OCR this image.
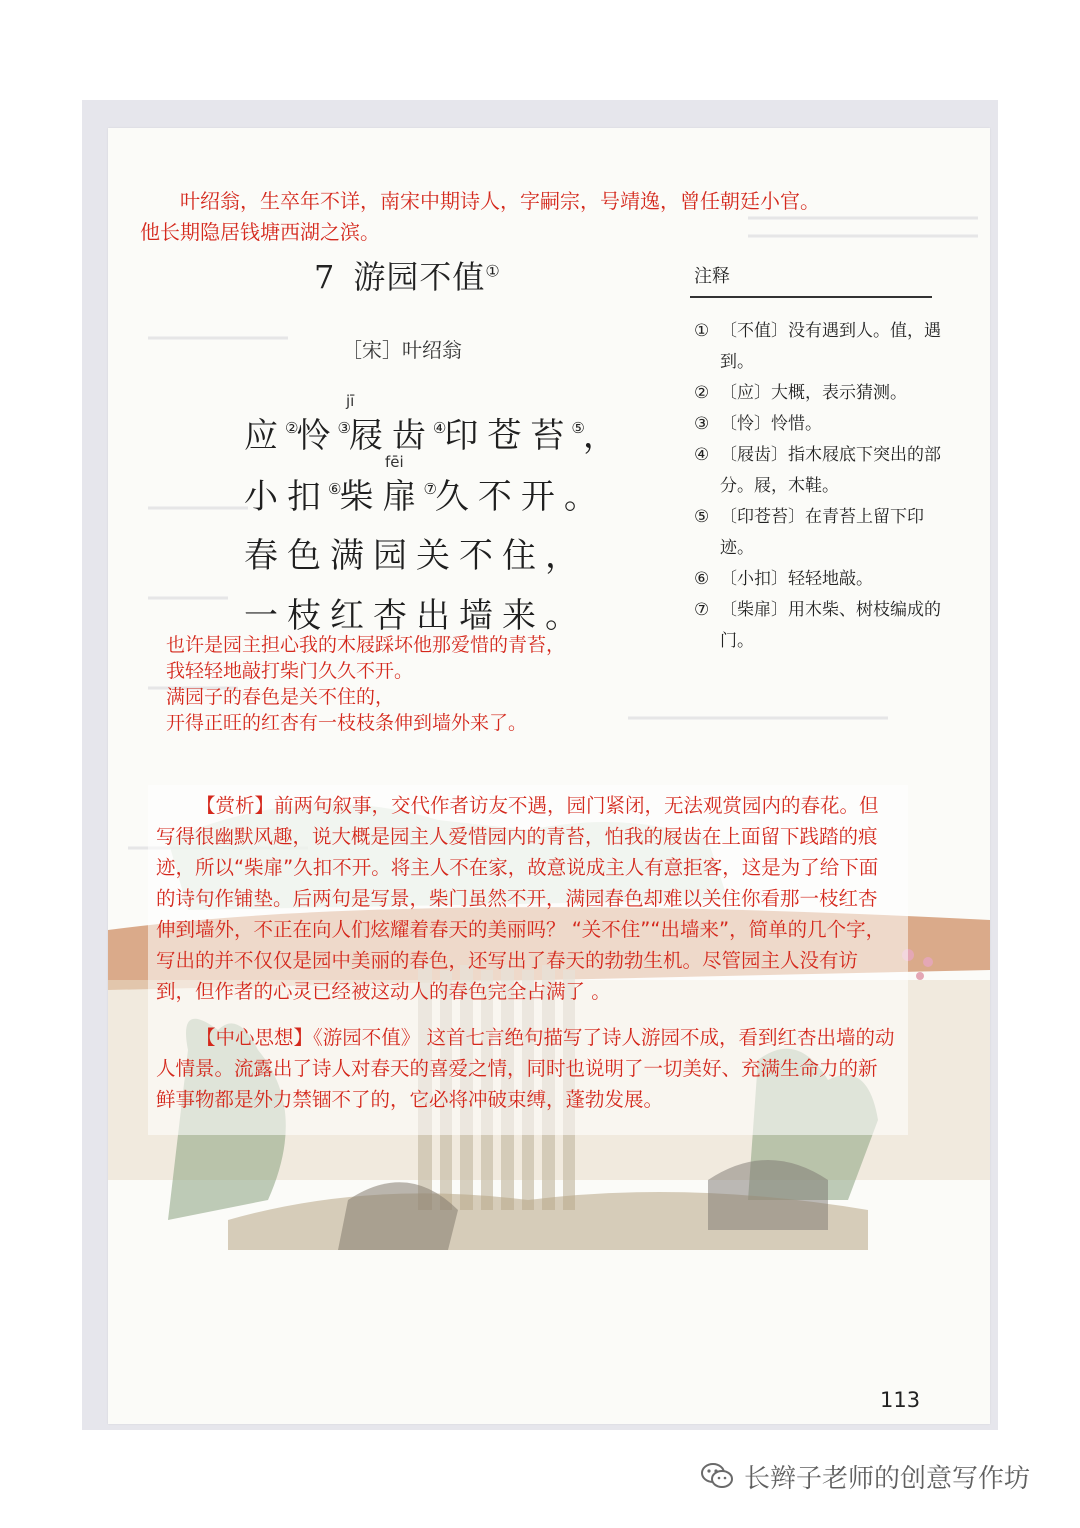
叶绍翁，生卒年不详，南宋中期诗人，字嗣宗，号靖逸，曾任朝廷小官。他长期隐居钱塘西湖之滨。

7 游园不值①
［宋］叶绍翁
jī
应②怜③屐齿④印苍苔⑤，
fēi
小扣⑥柴扉⑦久不开。
春色满园关不住，
一枝红杏出墙来。
也许是园主担心我的木屐踩坏他那爱惜的青苔，
我轻轻地敲打柴门久久不开。
满园子的春色是关不住的，
开得正旺的红杏有一枝枝条伸到墙外来了。
注释
① 〔不值〕没有遇到人。值，遇到。
② 〔应〕大概，表示猜测。
③ 〔怜〕怜惜。
④ 〔屐齿〕指木屐底下突出的部分。屐，木鞋。
⑤ 〔印苍苔〕在青苔上留下印迹。
⑥ 〔小扣〕轻轻地敲。
⑦ 〔柴扉〕用木柴、树枝编成的门。

【赏析】前两句叙事，交代作者访友不遇，园门紧闭，无法观赏园内的春花。但写得很幽默风趣，说大概是园主人爱惜园内的青苔，怕我的屐齿在上面留下践踏的痕迹，所以“柴扉”久扣不开。将主人不在家，故意说成主人有意拒客，这是为了给下面的诗句作铺垫。后两句是写景，柴门虽然不开，满园春色却难以关住你看那一枝红杏伸到墙外，不正在向人们炫耀着春天的美丽吗？ “关不住”“出墙来”，简单的几个字，写出的并不仅仅是园中美丽的春色，还写出了春天的勃勃生机。尽管园主人没有访到，但作者的心灵已经被这动人的春色完全占满了 。

【中心思想】《游园不值》 这首七言绝句描写了诗人游园不成，看到红杏出墙的动人情景。流露出了诗人对春天的喜爱之情，同时也说明了一切美好、充满生命力的新鲜事物都是外力禁锢不了的，它必将冲破束缚，蓬勃发展。

113
长辫子老师的创意写作坊
